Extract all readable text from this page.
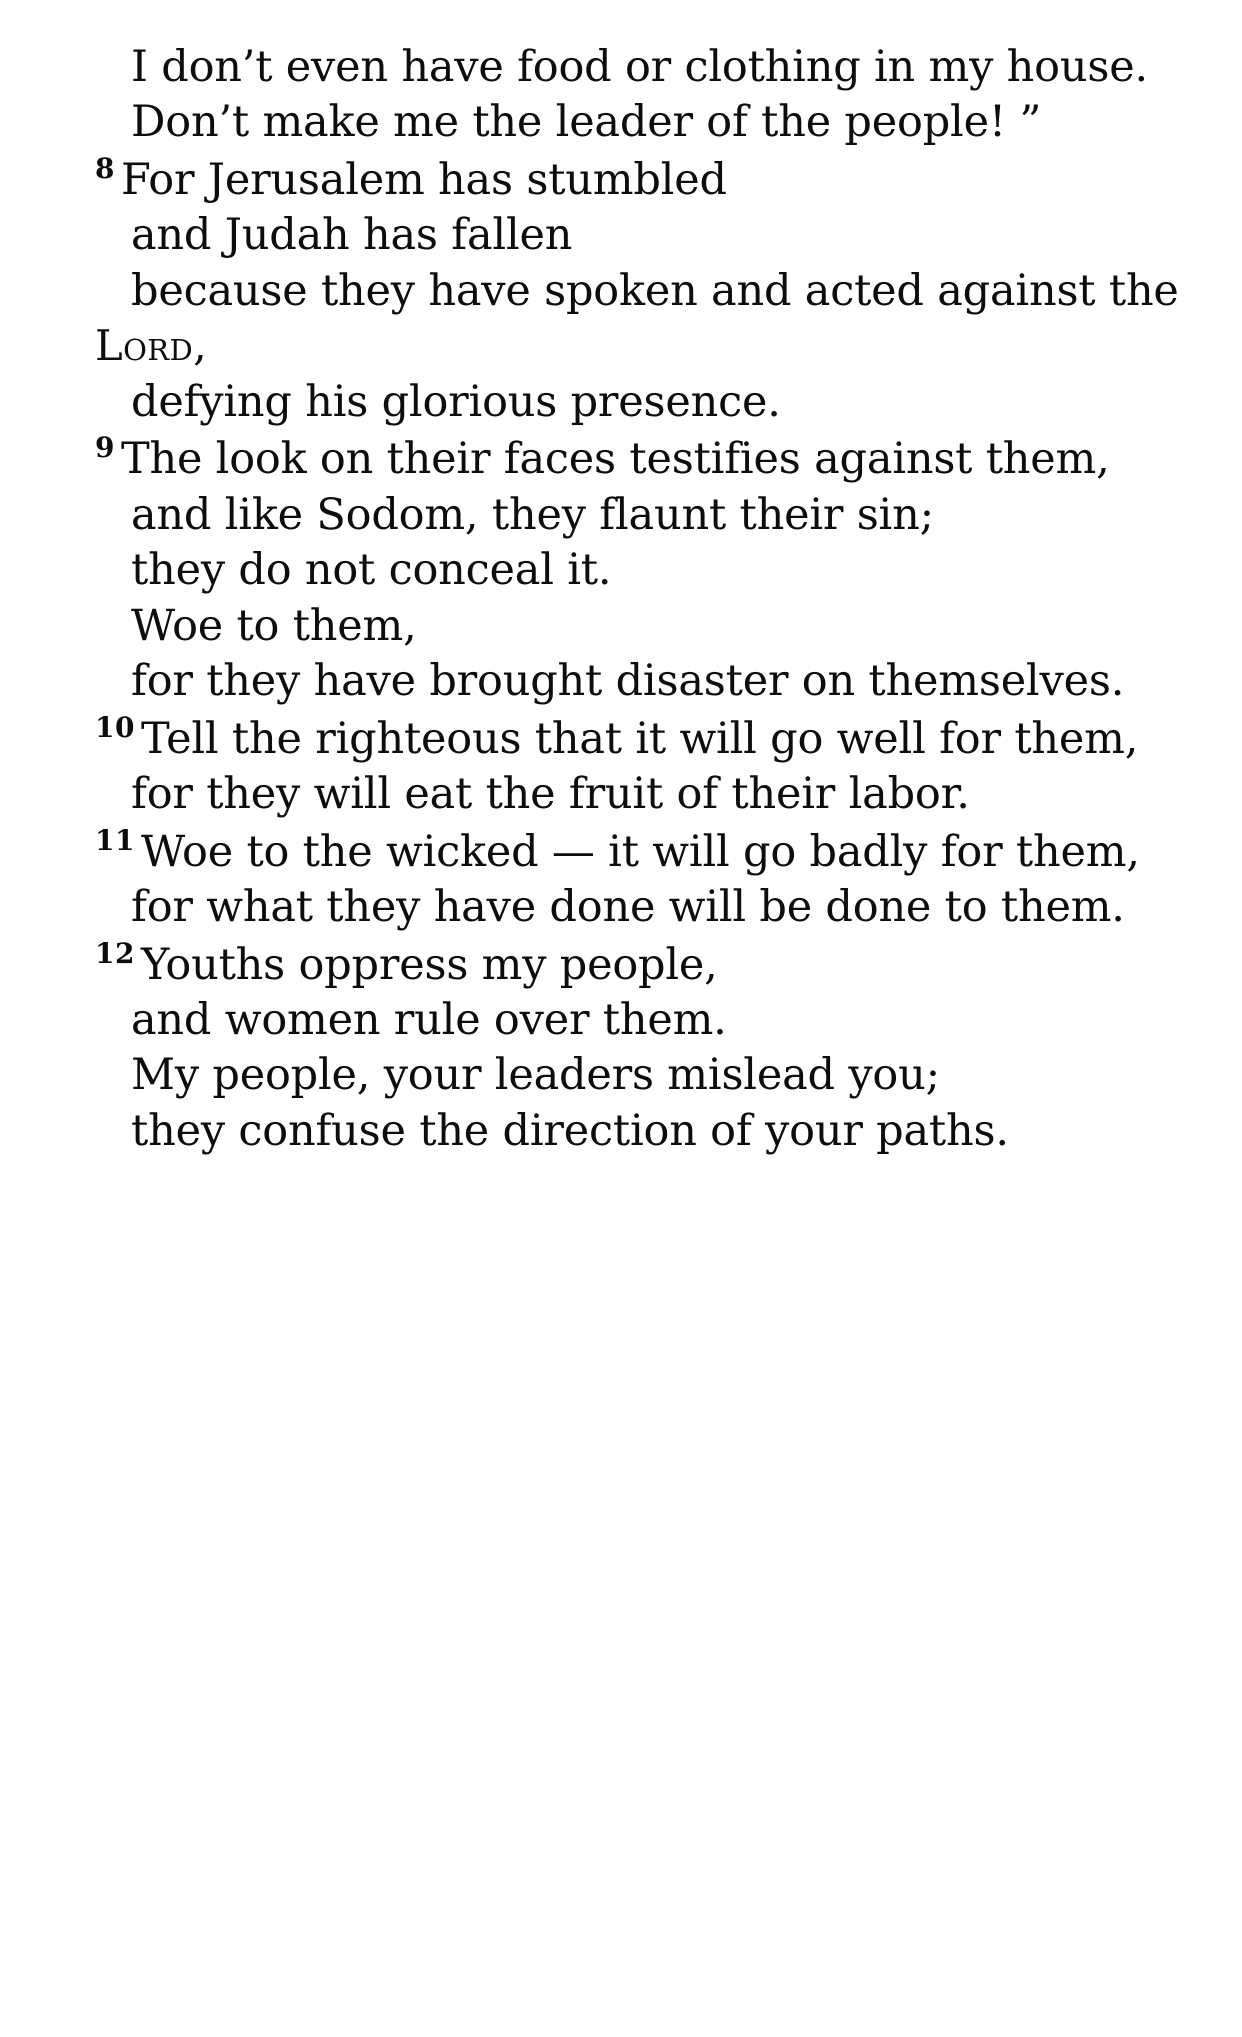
I don’t even have food or clothing in my house.
Don’t make me the leader of the people! ”
$^8$ For Jerusalem has stumbled
and Judah has fallen
because they have spoken and acted against the Lord,
defying his glorious presence.
$^9$ The look on their faces testifies against them,
and like Sodom, they flaunt their sin;
they do not conceal it.
Woe to them,
for they have brought disaster on themselves.
$^{10}$ Tell the righteous that it will go well for them,
for they will eat the fruit of their labor.
$^{11}$ Woe to the wicked — it will go badly for them,
for what they have done will be done to them.
$^{12}$ Youths oppress my people,
and women rule over them.
My people, your leaders mislead you;
they confuse the direction of your paths.
